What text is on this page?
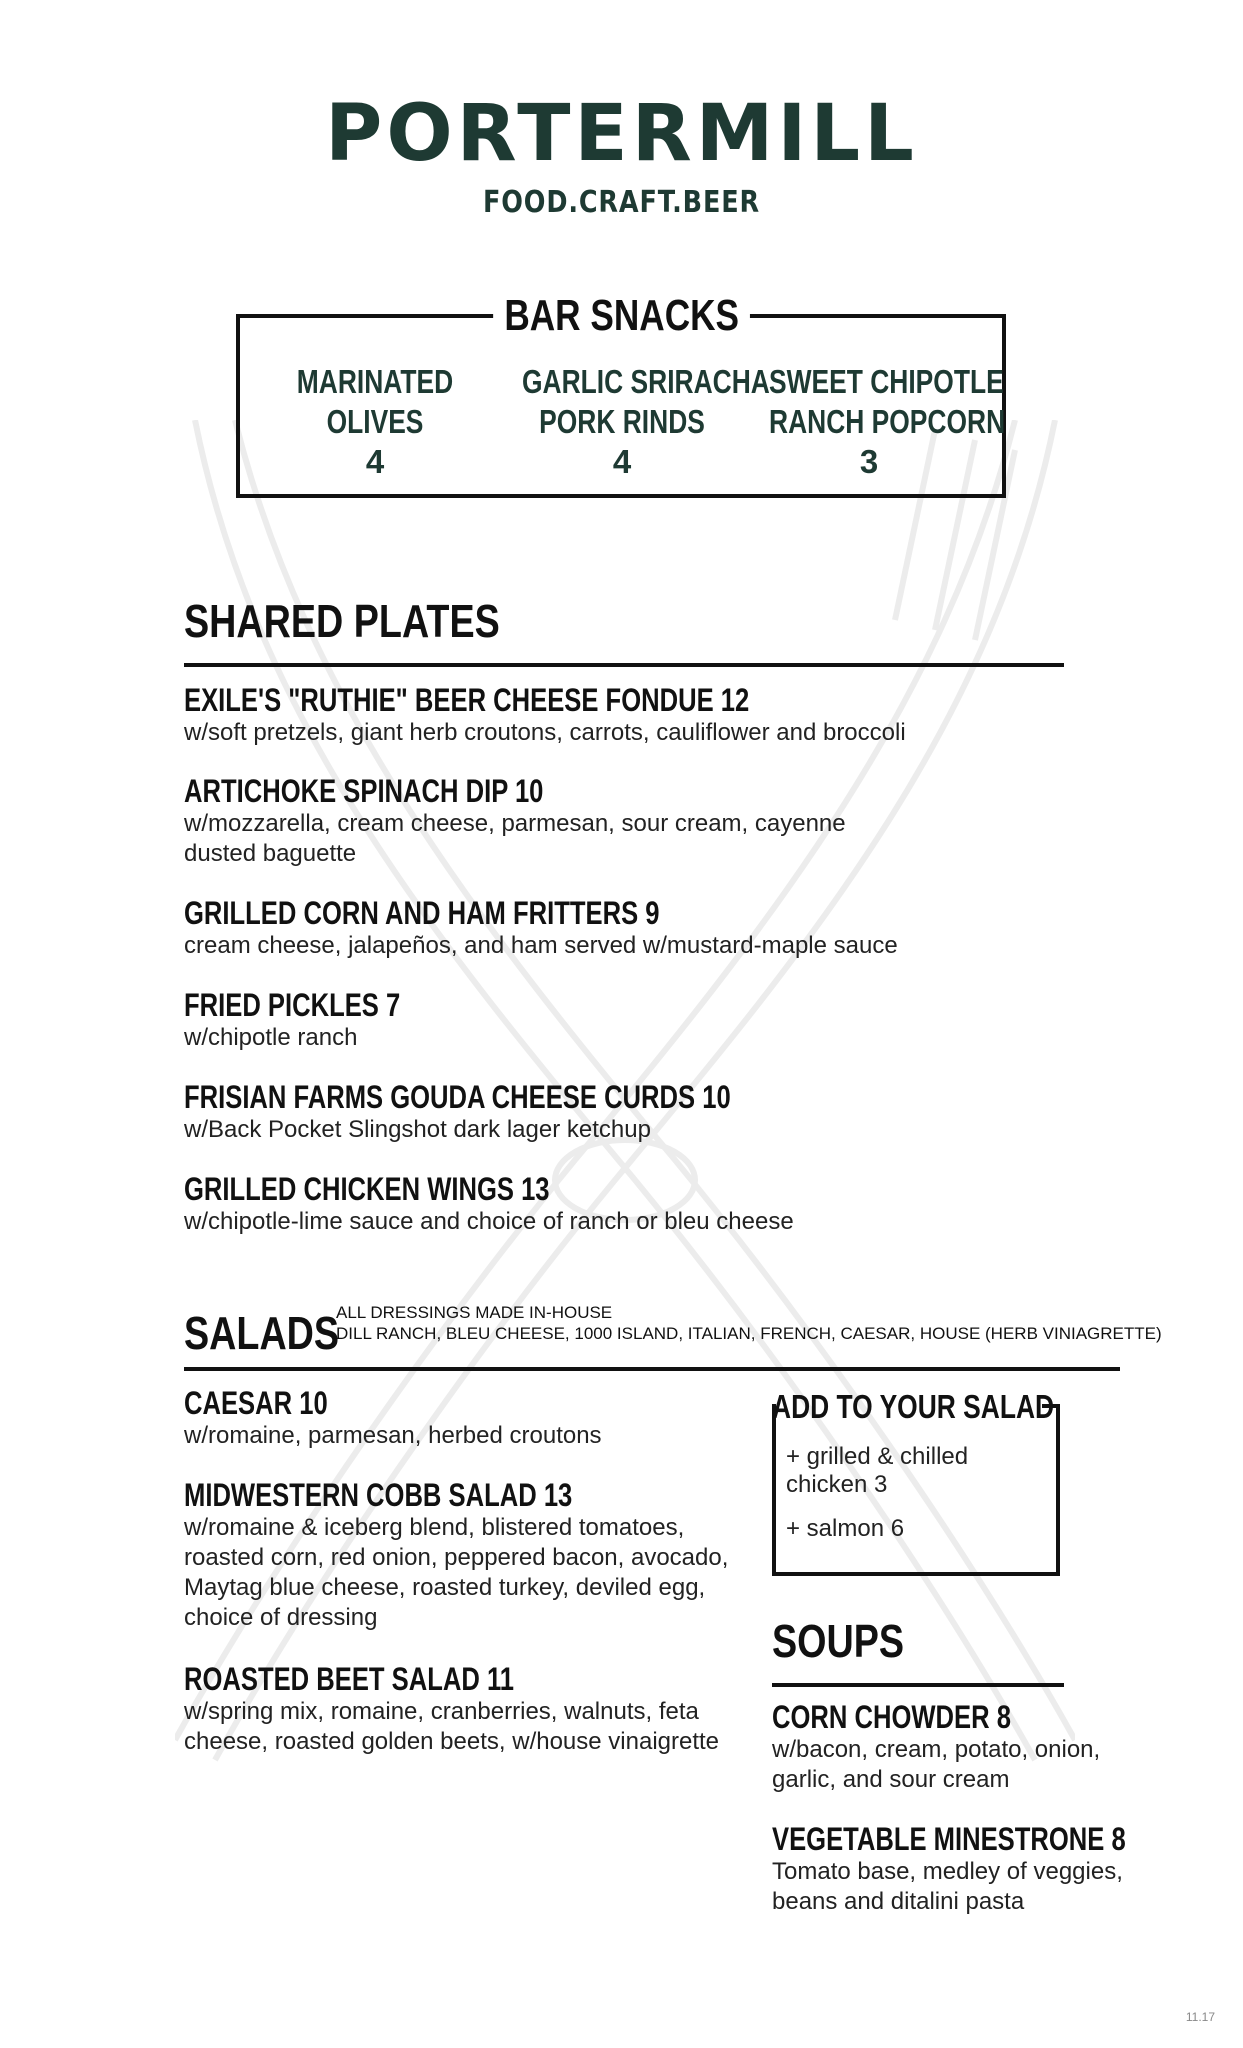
PORTERMILL
FOOD.CRAFT.BEER
BAR SNACKS
MARINATED
OLIVES
4
GARLIC SRIRACHA
PORK RINDS
4
SWEET CHIPOTLE
RANCH POPCORN
3
SHARED PLATES
EXILE'S "RUTHIE" BEER CHEESE FONDUE 12
w/soft pretzels, giant herb croutons, carrots, cauliflower and broccoli
ARTICHOKE SPINACH DIP 10
w/mozzarella, cream cheese, parmesan, sour cream, cayenne dusted baguette
GRILLED CORN AND HAM FRITTERS 9
cream cheese, jalapeños, and ham served w/mustard-maple sauce
FRIED PICKLES 7
w/chipotle ranch
FRISIAN FARMS GOUDA CHEESE CURDS 10
w/Back Pocket Slingshot dark lager ketchup
GRILLED CHICKEN WINGS 13
w/chipotle-lime sauce and choice of ranch or bleu cheese
SALADS
ALL DRESSINGS MADE IN-HOUSE
DILL RANCH, BLEU CHEESE, 1000 ISLAND, ITALIAN, FRENCH, CAESAR, HOUSE (HERB VINIAGRETTE)
CAESAR 10
w/romaine, parmesan, herbed croutons
MIDWESTERN COBB SALAD 13
w/romaine & iceberg blend, blistered tomatoes, roasted corn, red onion, peppered bacon, avocado, Maytag blue cheese, roasted turkey, deviled egg, choice of dressing
ROASTED BEET SALAD 11
w/spring mix, romaine, cranberries, walnuts, feta cheese, roasted golden beets, w/house vinaigrette
ADD TO YOUR SALAD
+ grilled & chilled chicken 3
+ salmon 6
SOUPS
CORN CHOWDER 8
w/bacon, cream, potato, onion, garlic, and sour cream
VEGETABLE MINESTRONE 8
Tomato base, medley of veggies, beans and ditalini pasta
11.17
